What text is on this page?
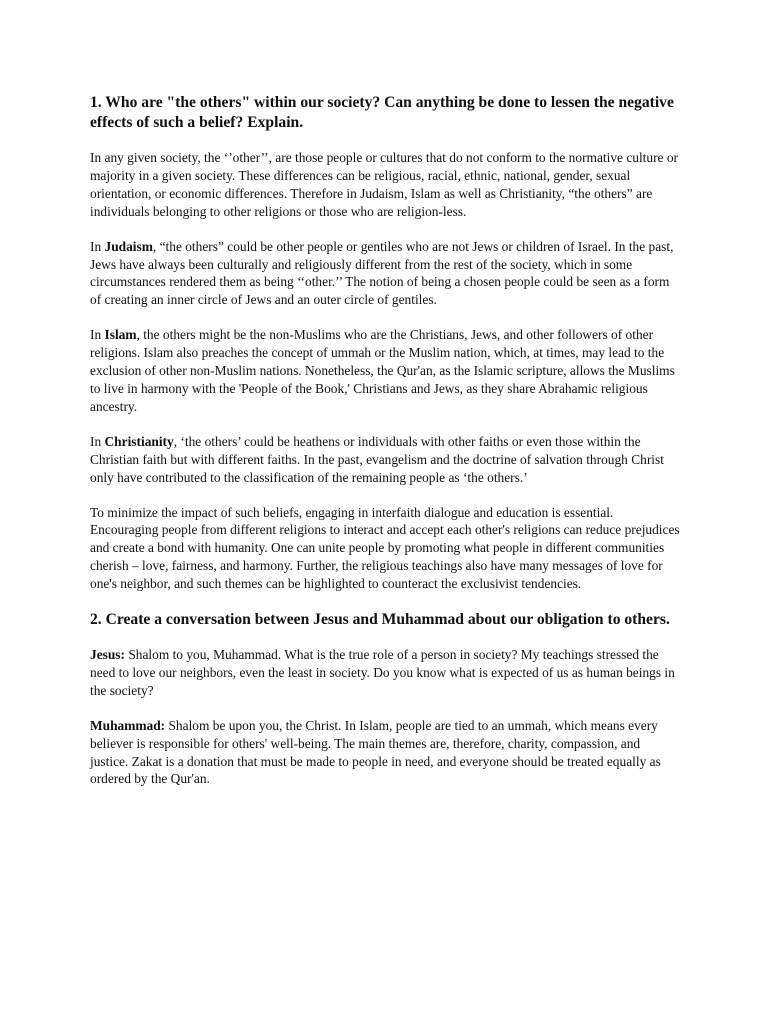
1. Who are "the others" within our society? Can anything be done to lessen the negative effects of such a belief? Explain.

In any given society, the ‘’other’’, are those people or cultures that do not conform to the normative culture or majority in a given society. These differences can be religious, racial, ethnic, national, gender, sexual orientation, or economic differences. Therefore in Judaism, Islam as well as Christianity, “the others” are individuals belonging to other religions or those who are religion-less.

In Judaism, “the others” could be other people or gentiles who are not Jews or children of Israel. In the past, Jews have always been culturally and religiously different from the rest of the society, which in some circumstances rendered them as being ‘‘other.’’ The notion of being a chosen people could be seen as a form of creating an inner circle of Jews and an outer circle of gentiles.

In Islam, the others might be the non-Muslims who are the Christians, Jews, and other followers of other religions. Islam also preaches the concept of ummah or the Muslim nation, which, at times, may lead to the exclusion of other non-Muslim nations. Nonetheless, the Qur'an, as the Islamic scripture, allows the Muslims to live in harmony with the 'People of the Book,' Christians and Jews, as they share Abrahamic religious ancestry.

In Christianity, ‘the others’ could be heathens or individuals with other faiths or even those within the Christian faith but with different faiths. In the past, evangelism and the doctrine of salvation through Christ only have contributed to the classification of the remaining people as ‘the others.’

To minimize the impact of such beliefs, engaging in interfaith dialogue and education is essential. Encouraging people from different religions to interact and accept each other's religions can reduce prejudices and create a bond with humanity. One can unite people by promoting what people in different communities cherish – love, fairness, and harmony. Further, the religious teachings also have many messages of love for one's neighbor, and such themes can be highlighted to counteract the exclusivist tendencies.

2. Create a conversation between Jesus and Muhammad about our obligation to others.

Jesus: Shalom to you, Muhammad. What is the true role of a person in society? My teachings stressed the need to love our neighbors, even the least in society. Do you know what is expected of us as human beings in the society?

Muhammad: Shalom be upon you, the Christ. In Islam, people are tied to an ummah, which means every believer is responsible for others' well-being. The main themes are, therefore, charity, compassion, and justice. Zakat is a donation that must be made to people in need, and everyone should be treated equally as ordered by the Qur'an.
